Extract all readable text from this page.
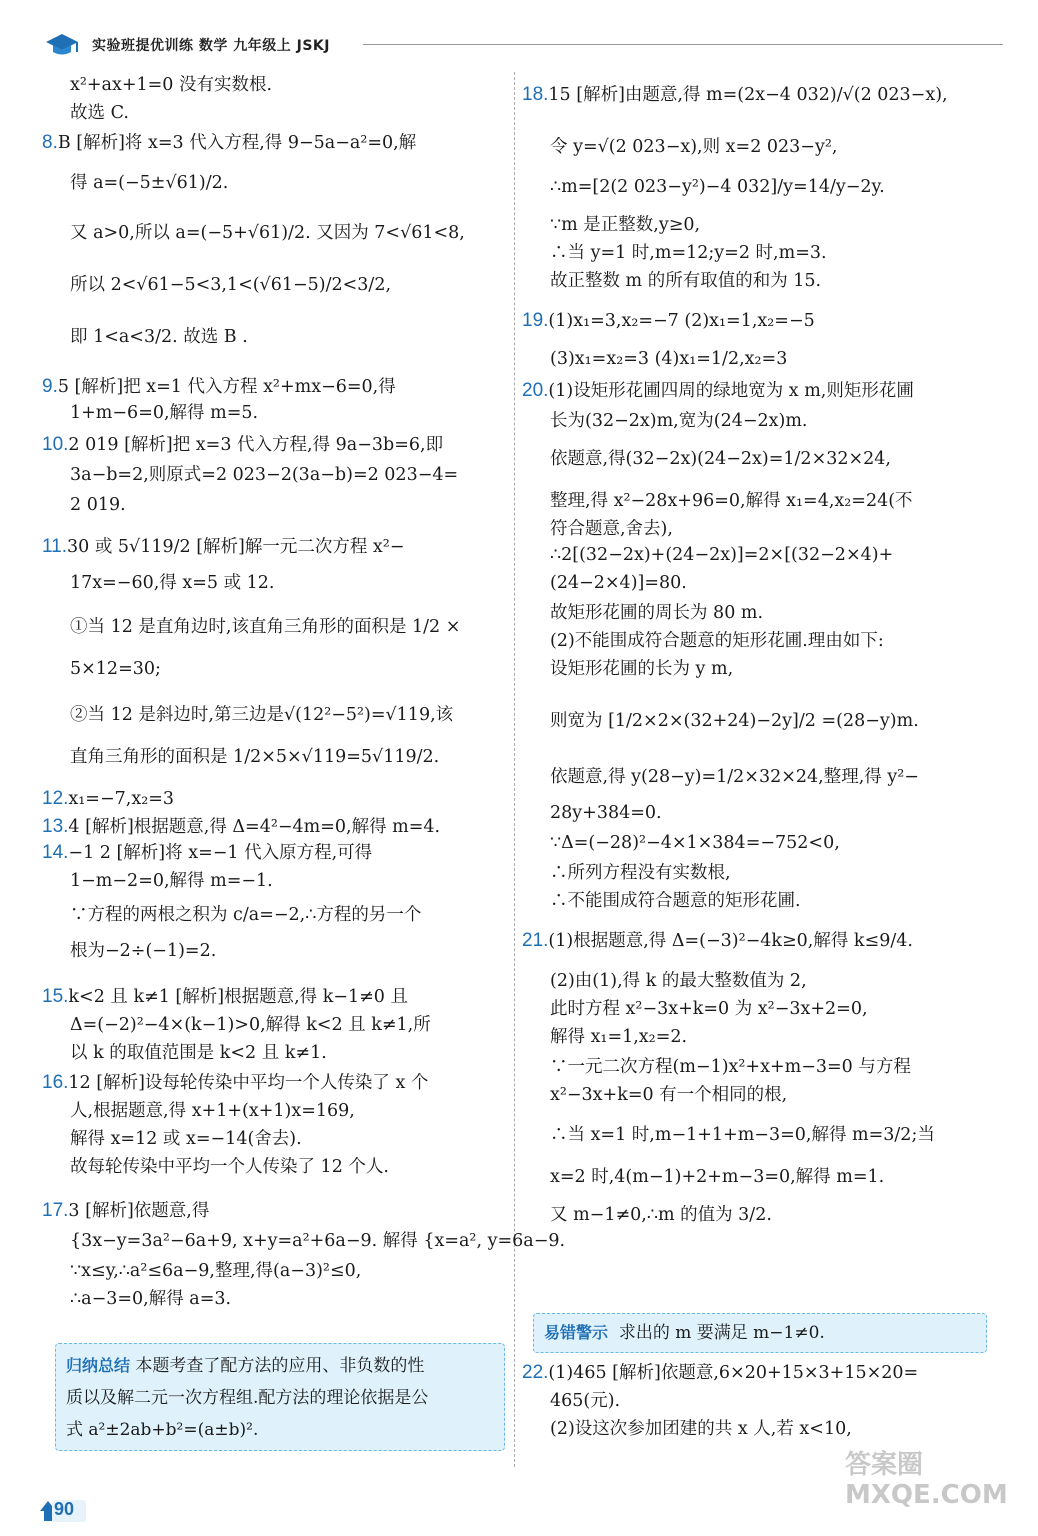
实验班提优训练 数学 九年级上 JSKJ
x²+ax+1=0 没有实数根.
故选 C.
8.B [解析]将 x=3 代入方程,得 9−5a−a²=0,解
得 a=(−5±√61)/2.
又 a>0,所以 a=(−5+√61)/2. 又因为 7<√61<8,
所以 2<√61−5<3,1<(√61−5)/2<3/2,
即 1<a<3/2. 故选 B .
9.5 [解析]把 x=1 代入方程 x²+mx−6=0,得
1+m−6=0,解得 m=5.
10.2 019 [解析]把 x=3 代入方程,得 9a−3b=6,即
3a−b=2,则原式=2 023−2(3a−b)=2 023−4=
2 019.
11.30 或 5√119/2 [解析]解一元二次方程 x²−
17x=−60,得 x=5 或 12.
①当 12 是直角边时,该直角三角形的面积是 1/2 ×
5×12=30;
②当 12 是斜边时,第三边是√(12²−5²)=√119,该
直角三角形的面积是 1/2×5×√119=5√119/2.
12.x₁=−7,x₂=3
13.4 [解析]根据题意,得 Δ=4²−4m=0,解得 m=4.
14.−1 2 [解析]将 x=−1 代入原方程,可得
1−m−2=0,解得 m=−1.
∵方程的两根之积为 c/a=−2,∴方程的另一个
根为−2÷(−1)=2.
15.k<2 且 k≠1 [解析]根据题意,得 k−1≠0 且
Δ=(−2)²−4×(k−1)>0,解得 k<2 且 k≠1,所
以 k 的取值范围是 k<2 且 k≠1.
16.12 [解析]设每轮传染中平均一个人传染了 x 个
人,根据题意,得 x+1+(x+1)x=169,
解得 x=12 或 x=−14(舍去).
故每轮传染中平均一个人传染了 12 个人.
17.3 [解析]依题意,得
{3x−y=3a²−6a+9, x+y=a²+6a−9. 解得 {x=a², y=6a−9.
∵x≤y,∴a²≤6a−9,整理,得(a−3)²≤0,
∴a−3=0,解得 a=3.
18.15 [解析]由题意,得 m=(2x−4 032)/√(2 023−x),
令 y=√(2 023−x),则 x=2 023−y²,
∴m=[2(2 023−y²)−4 032]/y=14/y−2y.
∵m 是正整数,y≥0,
∴当 y=1 时,m=12;y=2 时,m=3.
故正整数 m 的所有取值的和为 15.
19.(1)x₁=3,x₂=−7 (2)x₁=1,x₂=−5
(3)x₁=x₂=3 (4)x₁=1/2,x₂=3
20.(1)设矩形花圃四周的绿地宽为 x m,则矩形花圃
长为(32−2x)m,宽为(24−2x)m.
依题意,得(32−2x)(24−2x)=1/2×32×24,
整理,得 x²−28x+96=0,解得 x₁=4,x₂=24(不
符合题意,舍去),
∴2[(32−2x)+(24−2x)]=2×[(32−2×4)+
(24−2×4)]=80.
故矩形花圃的周长为 80 m.
(2)不能围成符合题意的矩形花圃.理由如下:
设矩形花圃的长为 y m,
则宽为 [1/2×2×(32+24)−2y]/2 =(28−y)m.
依题意,得 y(28−y)=1/2×32×24,整理,得 y²−
28y+384=0.
∵Δ=(−28)²−4×1×384=−752<0,
∴所列方程没有实数根,
∴不能围成符合题意的矩形花圃.
21.(1)根据题意,得 Δ=(−3)²−4k≥0,解得 k≤9/4.
(2)由(1),得 k 的最大整数值为 2,
此时方程 x²−3x+k=0 为 x²−3x+2=0,
解得 x₁=1,x₂=2.
∵一元二次方程(m−1)x²+x+m−3=0 与方程
x²−3x+k=0 有一个相同的根,
∴当 x=1 时,m−1+1+m−3=0,解得 m=3/2;当
x=2 时,4(m−1)+2+m−3=0,解得 m=1.
又 m−1≠0,∴m 的值为 3/2.
归纳总结 本题考查了配方法的应用、非负数的性
质以及解二元一次方程组.配方法的理论依据是公
式 a²±2ab+b²=(a±b)².
易错警示 求出的 m 要满足 m−1≠0.
22.(1)465 [解析]依题意,6×20+15×3+15×20=
465(元).
(2)设这次参加团建的共 x 人,若 x<10,
90
答案圈 MXQE.COM
